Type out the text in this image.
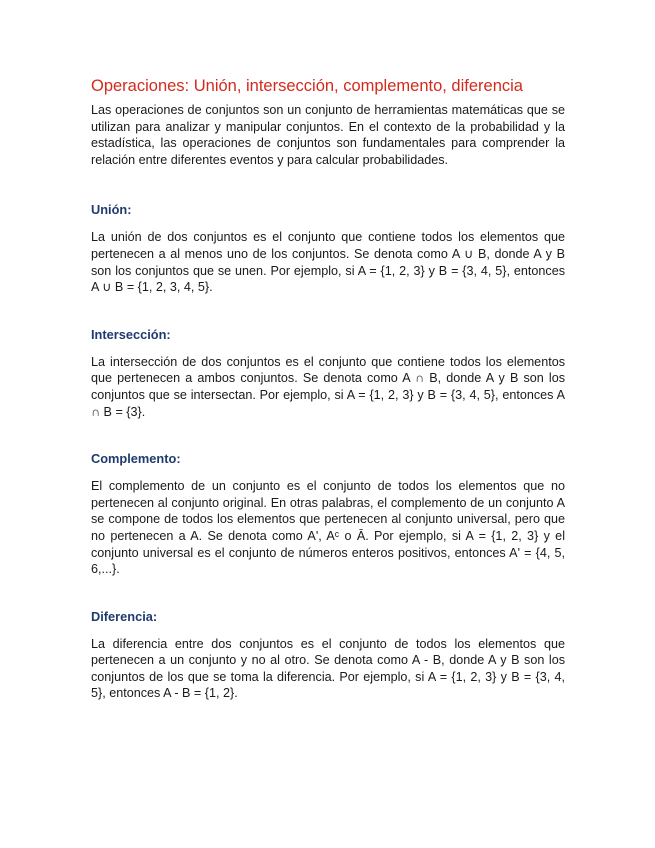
Operaciones: Unión, intersección, complemento, diferencia

Las operaciones de conjuntos son un conjunto de herramientas matemáticas que se utilizan para analizar y manipular conjuntos. En el contexto de la probabilidad y la estadística, las operaciones de conjuntos son fundamentales para comprender la relación entre diferentes eventos y para calcular probabilidades.

Unión:

La unión de dos conjuntos es el conjunto que contiene todos los elementos que pertenecen a al menos uno de los conjuntos. Se denota como A ∪ B, donde A y B son los conjuntos que se unen. Por ejemplo, si A = {1, 2, 3} y B = {3, 4, 5}, entonces A ∪ B = {1, 2, 3, 4, 5}.

Intersección:

La intersección de dos conjuntos es el conjunto que contiene todos los elementos que pertenecen a ambos conjuntos. Se denota como A ∩ B, donde A y B son los conjuntos que se intersectan. Por ejemplo, si A = {1, 2, 3} y B = {3, 4, 5}, entonces A ∩ B = {3}.

Complemento:

El complemento de un conjunto es el conjunto de todos los elementos que no pertenecen al conjunto original. En otras palabras, el complemento de un conjunto A se compone de todos los elementos que pertenecen al conjunto universal, pero que no pertenecen a A. Se denota como A', Aᶜ o Ā. Por ejemplo, si A = {1, 2, 3} y el conjunto universal es el conjunto de números enteros positivos, entonces A' = {4, 5, 6,...}.

Diferencia:

La diferencia entre dos conjuntos es el conjunto de todos los elementos que pertenecen a un conjunto y no al otro. Se denota como A - B, donde A y B son los conjuntos de los que se toma la diferencia. Por ejemplo, si A = {1, 2, 3} y B = {3, 4, 5}, entonces A - B = {1, 2}.
